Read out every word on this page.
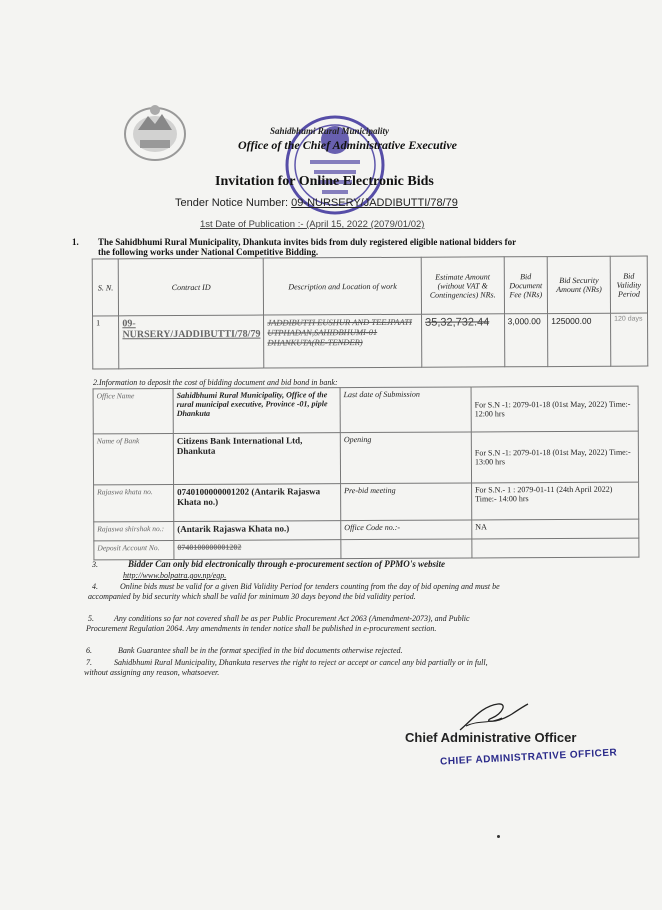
Sahidbhumi Rural Municipality
Office of the Chief Administrative Executive
Invitation for Online Electronic Bids
Tender Notice Number: 09-NURSERY/JADDIBUTTI/78/79
1st Date of Publication :- (April 15, 2022 (2079/01/02)
1. The Sahidbhumi Rural Municipality, Dhankuta invites bids from duly registered eligible national bidders for the following works under National Competitive Bidding.
S. N.	Contract ID	Description and Location of work	Estimate Amount (without VAT & Contingencies) NRs.	Bid Document Fee (NRs)	Bid Security Amount (NRs)	Bid Validity Period
1	09-NURSERY/JADDIBUTTI/78/79	JADDIBUTTI EUSHUR AND TEEJPAATI UTPHADAN,SAHIDBHUMI-01 DHANKUTA(RE-TENDER)	35,32,732.44	3,000.00	125000.00	120 days
2.Information to deposit the cost of bidding document and bid bond in bank:
Office Name	Sahidbhumi Rural Municipality, Office of the rural municipal executive, Province -01, piple Dhankuta	Last date of Submission	For S.N -1: 2079-01-18 (01st May, 2022) Time:- 12:00 hrs
Name of Bank	Citizens Bank International Ltd, Dhankuta	Opening	For S.N -1: 2079-01-18 (01st May, 2022) Time:- 13:00 hrs
Rajaswa khata no.	0740100000001202 (Antarik Rajaswa Khata no.)	Pre-bid meeting	For S.N.- 1 : 2079-01-11 (24th April 2022) Time:- 14:00 hrs
Rajaswa shirshak no.:	(Antarik Rajaswa Khata no.)	Office Code no.:-	NA
Deposit Account No.	0740100000001202		
3.	Bidder Can only bid electronically through e-procurement section of PPMO's website
http://www.bolpatra.gov.np/egp.
4.	Online bids must be valid for a given Bid Validity Period for tenders counting from the day of bid opening and must be accompanied by bid security which shall be valid for minimum 30 days beyond the bid validity period.
5.	Any conditions so far not covered shall be as per Public Procurement Act 2063 (Amendment-2073), and Public Procurement Regulation 2064. Any amendments in tender notice shall be published in e-procurement section.
6.	Bank Guarantee shall be in the format specified in the bid documents otherwise rejected.
7.	Sahidbhumi Rural Municipality, Dhankuta reserves the right to reject or accept or cancel any bid partially or in full, without assigning any reason, whatsoever.
Chief Administrative Officer
CHIEF ADMINISTRATIVE OFFICER
